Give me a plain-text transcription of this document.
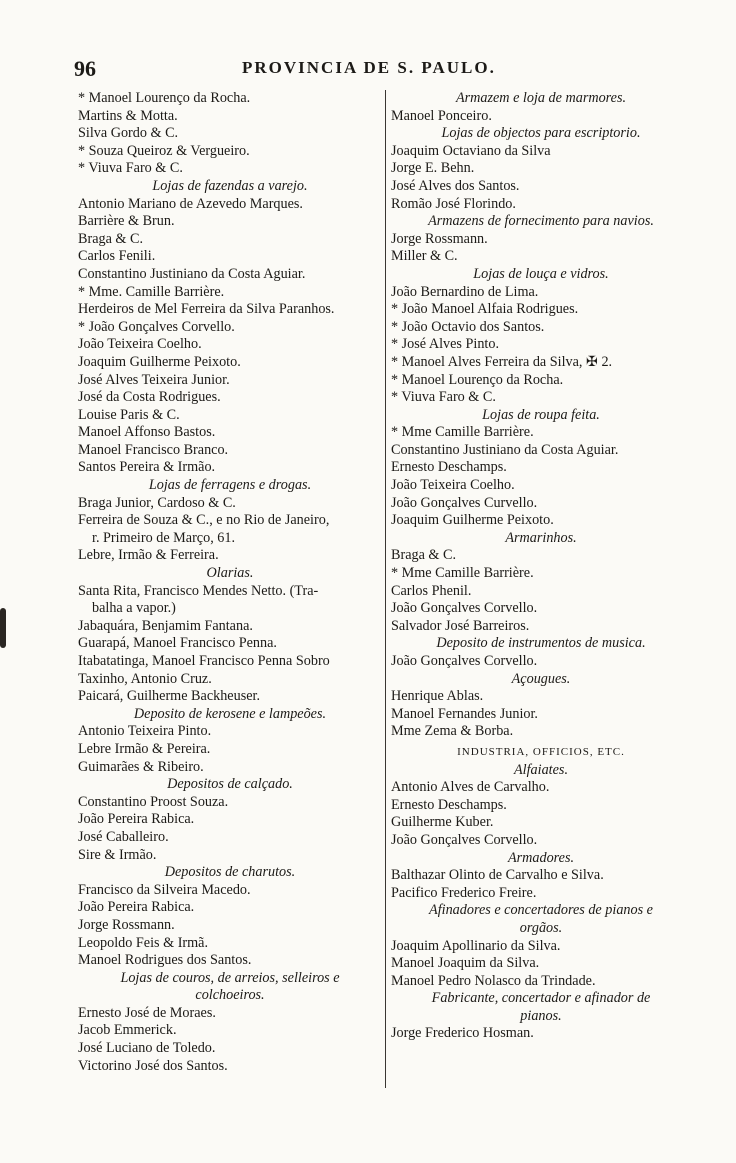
96	PROVINCIA DE S. PAULO.
* Manoel Lourenço da Rocha.
Martins & Motta.
Silva Gordo & C.
* Souza Queiroz & Vergueiro.
* Viuva Faro & C.
Lojas de fazendas a varejo.
Antonio Mariano de Azevedo Marques.
Barrière & Brun.
Braga & C.
Carlos Fenili.
Constantino Justiniano da Costa Aguiar.
* Mme. Camille Barrière.
Herdeiros de Mel Ferreira da Silva Paranhos.
* João Gonçalves Corvello.
João Teixeira Coelho.
Joaquim Guilherme Peixoto.
José Alves Teixeira Junior.
José da Costa Rodrigues.
Louise Paris & C.
Manoel Affonso Bastos.
Manoel Francisco Branco.
Santos Pereira & Irmão.
Lojas de ferragens e drogas.
Braga Junior, Cardoso & C.
Ferreira de Souza & C., e no Rio de Janeiro,
r. Primeiro de Março, 61.
Lebre, Irmão & Ferreira.
Olarias.
Santa Rita, Francisco Mendes Netto. (Tra-
balha a vapor.)
Jabaquára, Benjamim Fantana.
Guarapá, Manoel Francisco Penna.
Itabatatinga, Manoel Francisco Penna Sobro
Taxinho, Antonio Cruz.
Paicará, Guilherme Backheuser.
Deposito de kerosene e lampeões.
Antonio Teixeira Pinto.
Lebre Irmão & Pereira.
Guimarães & Ribeiro.
Depositos de calçado.
Constantino Proost Souza.
João Pereira Rabica.
José Caballeiro.
Sire & Irmão.
Depositos de charutos.
Francisco da Silveira Macedo.
João Pereira Rabica.
Jorge Rossmann.
Leopoldo Feis & Irmã.
Manoel Rodrigues dos Santos.
Lojas de couros, de arreios, selleiros e
colchoeiros.
Ernesto José de Moraes.
Jacob Emmerick.
José Luciano de Toledo.
Victorino José dos Santos.
Armazem e loja de marmores.
Manoel Ponceiro.
Lojas de objectos para escriptorio.
Joaquim Octaviano da Silva
Jorge E. Behn.
José Alves dos Santos.
Romão José Florindo.
Armazens de fornecimento para navios.
Jorge Rossmann.
Miller & C.
Lojas de louça e vidros.
João Bernardino de Lima.
* João Manoel Alfaia Rodrigues.
* João Octavio dos Santos.
* José Alves Pinto.
* Manoel Alves Ferreira da Silva, ✠ 2.
* Manoel Lourenço da Rocha.
* Viuva Faro & C.
Lojas de roupa feita.
* Mme Camille Barrière.
Constantino Justiniano da Costa Aguiar.
Ernesto Deschamps.
João Teixeira Coelho.
João Gonçalves Curvello.
Joaquim Guilherme Peixoto.
Armarinhos.
Braga & C.
* Mme Camille Barrière.
Carlos Phenil.
João Gonçalves Corvello.
Salvador José Barreiros.
Deposito de instrumentos de musica.
João Gonçalves Corvello.
Açougues.
Henrique Ablas.
Manoel Fernandes Junior.
Mme Zema & Borba.
INDUSTRIA, OFFICIOS, ETC.
Alfaiates.
Antonio Alves de Carvalho.
Ernesto Deschamps.
Guilherme Kuber.
João Gonçalves Corvello.
Armadores.
Balthazar Olinto de Carvalho e Silva.
Pacifico Frederico Freire.
Afinadores e concertadores de pianos e
orgãos.
Joaquim Apollinario da Silva.
Manoel Joaquim da Silva.
Manoel Pedro Nolasco da Trindade.
Fabricante, concertador e afinador de
pianos.
Jorge Frederico Hosman.
